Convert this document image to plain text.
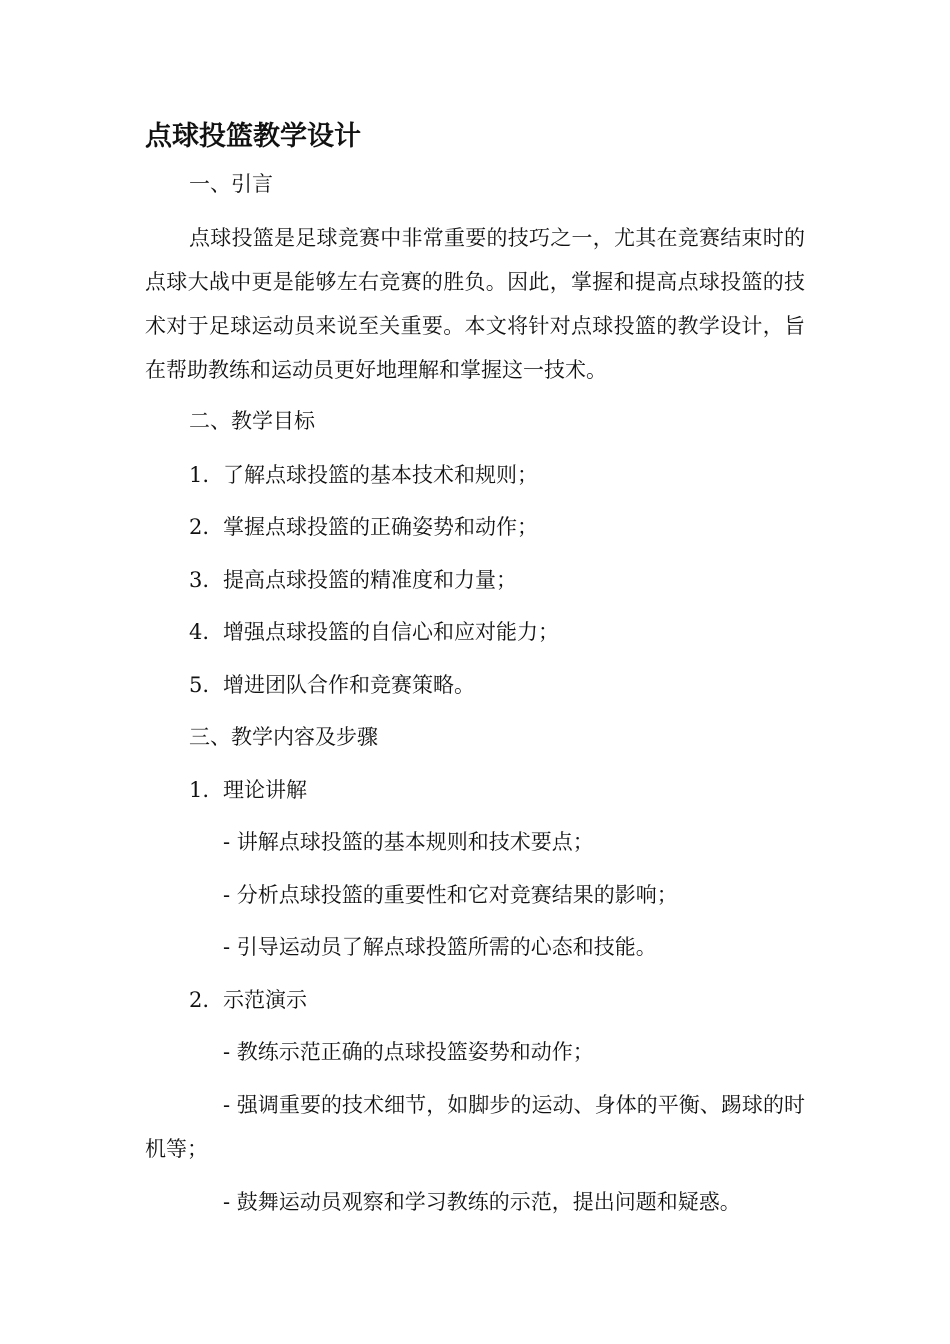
点球投篮教学设计
一、引言
点球投篮是足球竞赛中非常重要的技巧之一，尤其在竞赛结束时的点球大战中更是能够左右竞赛的胜负。因此，掌握和提高点球投篮的技术对于足球运动员来说至关重要。本文将针对点球投篮的教学设计，旨在帮助教练和运动员更好地理解和掌握这一技术。
二、教学目标
1. 了解点球投篮的基本技术和规则；
2. 掌握点球投篮的正确姿势和动作；
3. 提高点球投篮的精准度和力量；
4. 增强点球投篮的自信心和应对能力；
5. 增进团队合作和竞赛策略。
三、教学内容及步骤
1. 理论讲解
- 讲解点球投篮的基本规则和技术要点；
- 分析点球投篮的重要性和它对竞赛结果的影响；
- 引导运动员了解点球投篮所需的心态和技能。
2. 示范演示
- 教练示范正确的点球投篮姿势和动作；
- 强调重要的技术细节，如脚步的运动、身体的平衡、踢球的时机等；
- 鼓舞运动员观察和学习教练的示范，提出问题和疑惑。
